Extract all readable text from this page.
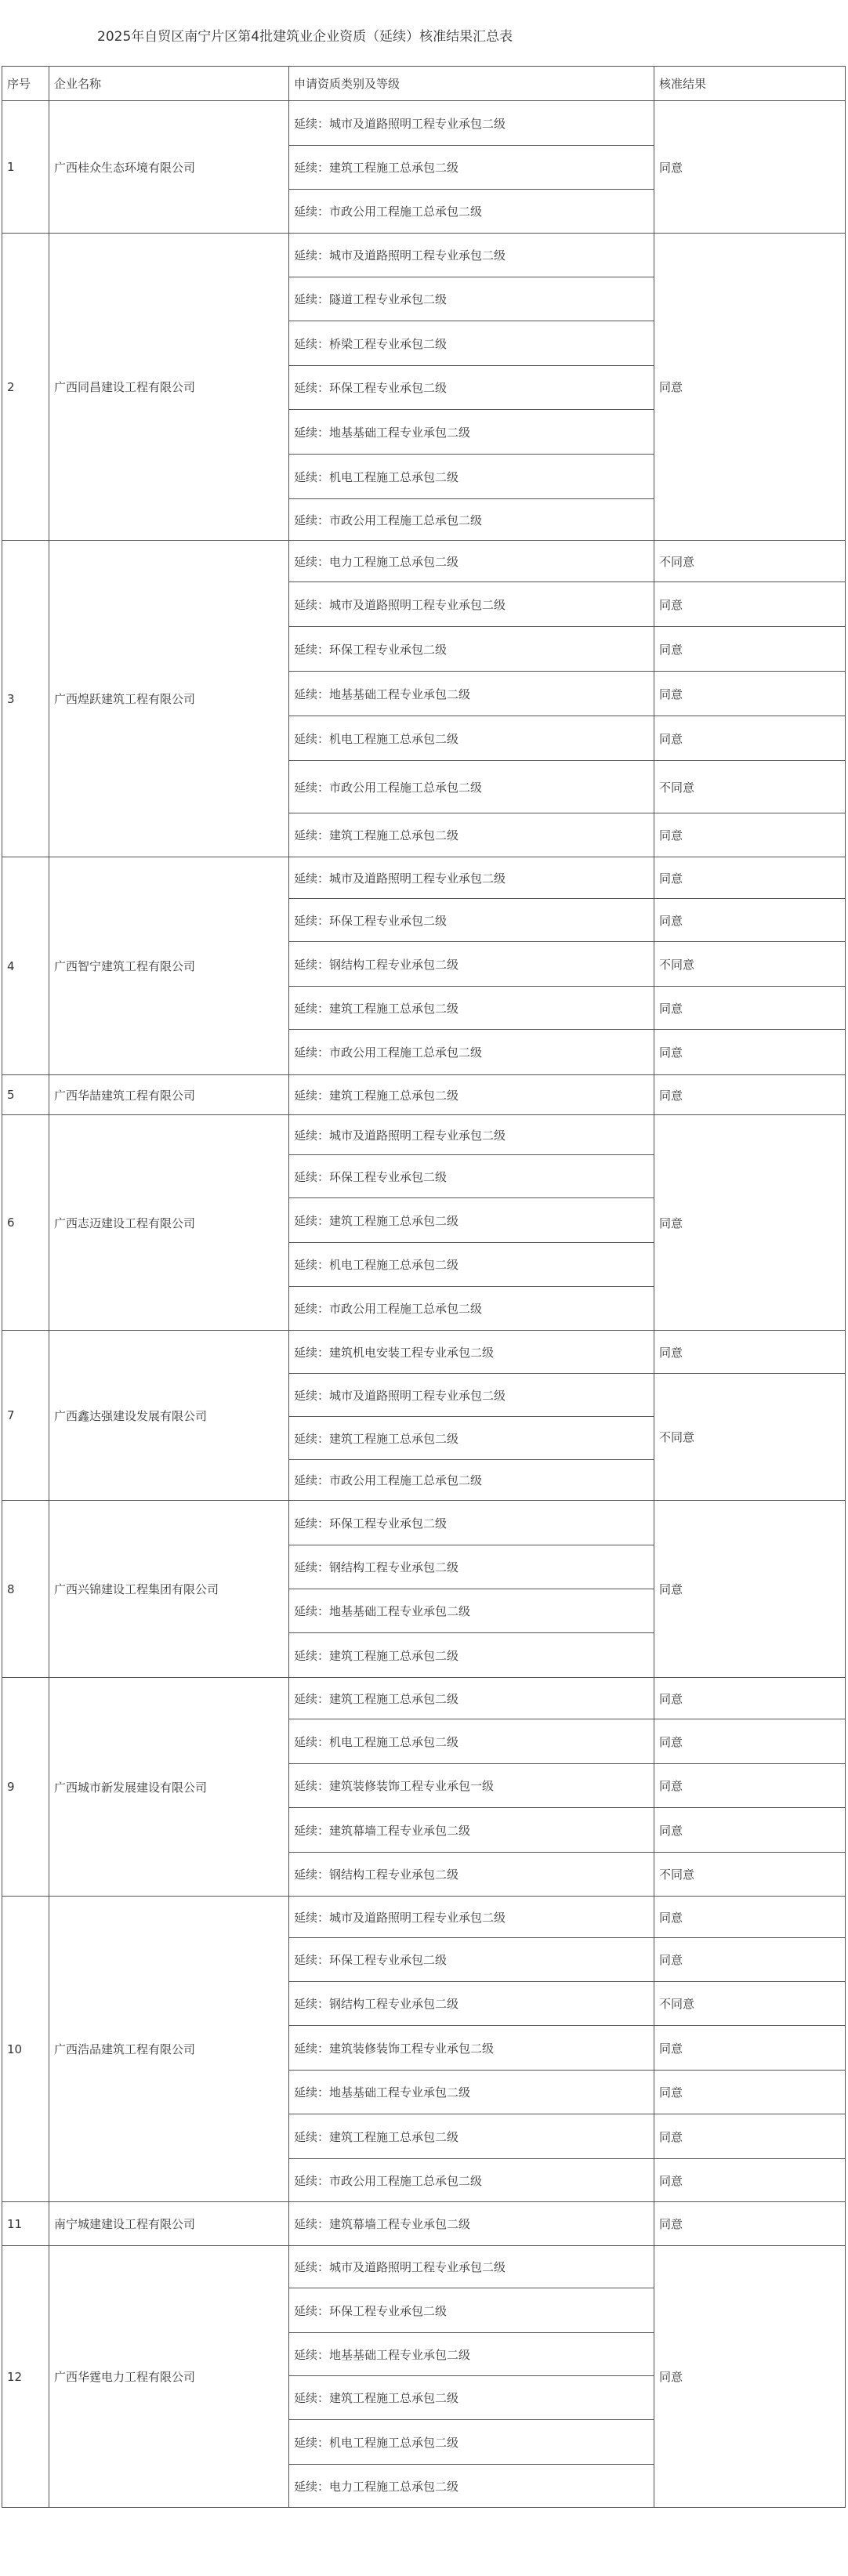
2025年自贸区南宁片区第4批建筑业企业资质（延续）核准结果汇总表
序号	企业名称	申请资质类别及等级	核准结果
1	广西桂众生态环境有限公司	延续：城市及道路照明工程专业承包二级	同意
		延续：建筑工程施工总承包二级	
		延续：市政公用工程施工总承包二级	
2	广西同昌建设工程有限公司	延续：城市及道路照明工程专业承包二级	同意
		延续：隧道工程专业承包二级	
		延续：桥梁工程专业承包二级	
		延续：环保工程专业承包二级	
		延续：地基基础工程专业承包二级	
		延续：机电工程施工总承包二级	
		延续：市政公用工程施工总承包二级	
3	广西煌跃建筑工程有限公司	延续：电力工程施工总承包二级	不同意
		延续：城市及道路照明工程专业承包二级	同意
		延续：环保工程专业承包二级	同意
		延续：地基基础工程专业承包二级	同意
		延续：机电工程施工总承包二级	同意
		延续：市政公用工程施工总承包二级	不同意
		延续：建筑工程施工总承包二级	同意
4	广西智宁建筑工程有限公司	延续：城市及道路照明工程专业承包二级	同意
		延续：环保工程专业承包二级	同意
		延续：钢结构工程专业承包二级	不同意
		延续：建筑工程施工总承包二级	同意
		延续：市政公用工程施工总承包二级	同意
5	广西华喆建筑工程有限公司	延续：建筑工程施工总承包二级	同意
6	广西志迈建设工程有限公司	延续：城市及道路照明工程专业承包二级	同意
		延续：环保工程专业承包二级	
		延续：建筑工程施工总承包二级	
		延续：机电工程施工总承包二级	
		延续：市政公用工程施工总承包二级	
7	广西鑫达强建设发展有限公司	延续：建筑机电安装工程专业承包二级	同意
		延续：城市及道路照明工程专业承包二级	不同意
		延续：建筑工程施工总承包二级	
		延续：市政公用工程施工总承包二级	
8	广西兴锦建设工程集团有限公司	延续：环保工程专业承包二级	同意
		延续：钢结构工程专业承包二级	
		延续：地基基础工程专业承包二级	
		延续：建筑工程施工总承包二级	
9	广西城市新发展建设有限公司	延续：建筑工程施工总承包二级	同意
		延续：机电工程施工总承包二级	同意
		延续：建筑装修装饰工程专业承包一级	同意
		延续：建筑幕墙工程专业承包二级	同意
		延续：钢结构工程专业承包二级	不同意
10	广西浩品建筑工程有限公司	延续：城市及道路照明工程专业承包二级	同意
		延续：环保工程专业承包二级	同意
		延续：钢结构工程专业承包二级	不同意
		延续：建筑装修装饰工程专业承包二级	同意
		延续：地基基础工程专业承包二级	同意
		延续：建筑工程施工总承包二级	同意
		延续：市政公用工程施工总承包二级	同意
11	南宁城建建设工程有限公司	延续：建筑幕墙工程专业承包二级	同意
12	广西华霆电力工程有限公司	延续：城市及道路照明工程专业承包二级	同意
		延续：环保工程专业承包二级	
		延续：地基基础工程专业承包二级	
		延续：建筑工程施工总承包二级	
		延续：机电工程施工总承包二级	
		延续：电力工程施工总承包二级	
